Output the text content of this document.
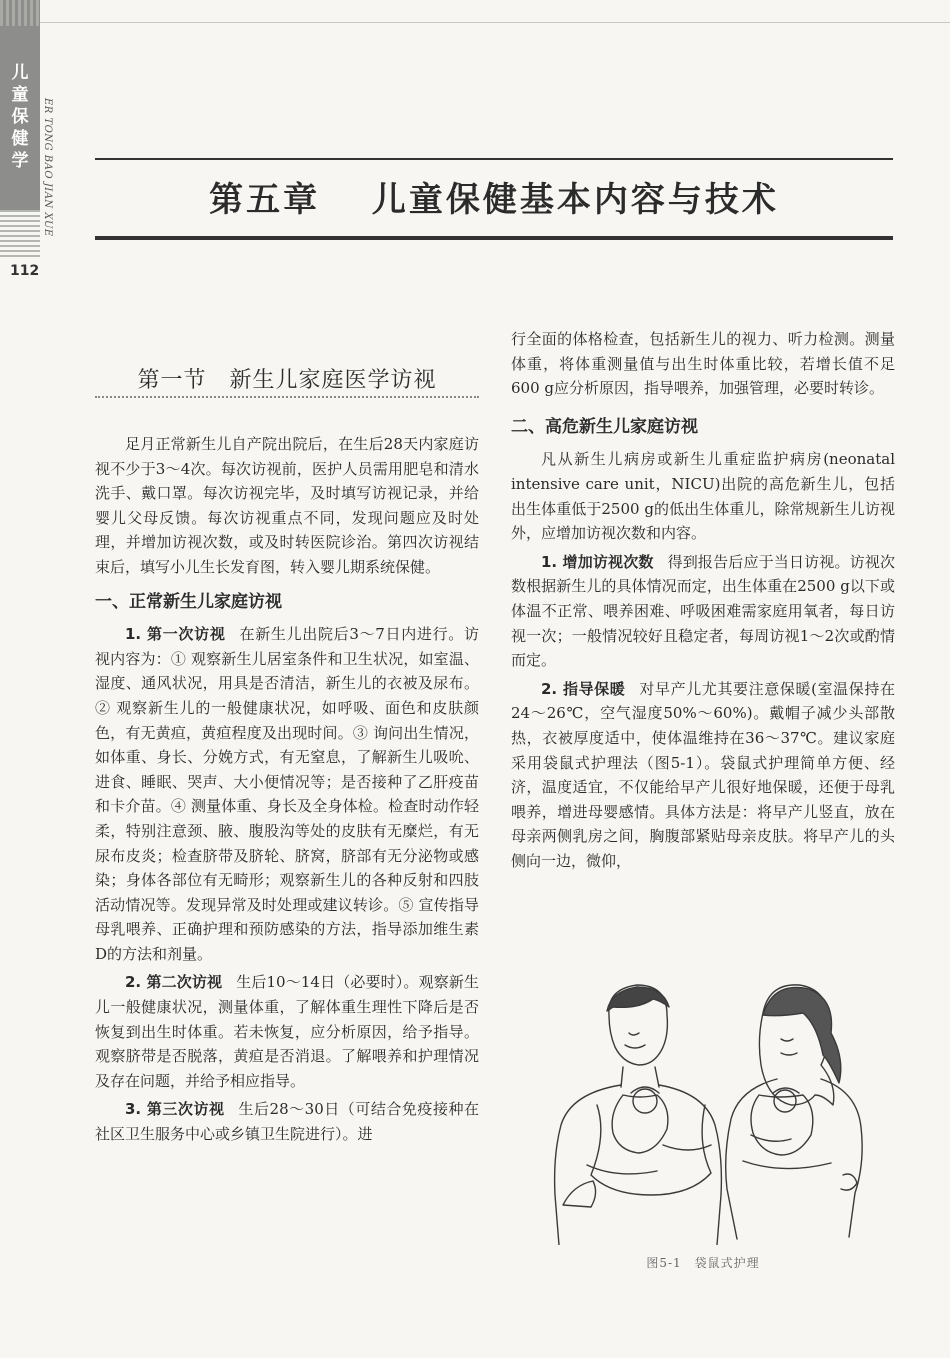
儿
童
保
健
学	ER TONG BAO JIAN XUE
112
第五章　 儿童保健基本内容与技术
第一节　新生儿家庭医学访视

足月正常新生儿自产院出院后，在生后28天内家庭访视不少于3～4次。每次访视前，医护人员需用肥皂和清水洗手、戴口罩。每次访视完毕，及时填写访视记录，并给婴儿父母反馈。每次访视重点不同，发现问题应及时处理，并增加访视次数，或及时转医院诊治。第四次访视结束后，填写小儿生长发育图，转入婴儿期系统保健。

一、正常新生儿家庭访视

1. 第一次访视 在新生儿出院后3～7日内进行。访视内容为：① 观察新生儿居室条件和卫生状况，如室温、湿度、通风状况，用具是否清洁，新生儿的衣被及尿布。② 观察新生儿的一般健康状况，如呼吸、面色和皮肤颜色，有无黄疸，黄疸程度及出现时间。③ 询问出生情况，如体重、身长、分娩方式，有无窒息，了解新生儿吸吮、进食、睡眠、哭声、大小便情况等；是否接种了乙肝疫苗和卡介苗。④ 测量体重、身长及全身体检。检查时动作轻柔，特别注意颈、腋、腹股沟等处的皮肤有无糜烂，有无尿布皮炎；检查脐带及脐轮、脐窝，脐部有无分泌物或感染；身体各部位有无畸形；观察新生儿的各种反射和四肢活动情况等。发现异常及时处理或建议转诊。⑤ 宣传指导母乳喂养、正确护理和预防感染的方法，指导添加维生素D的方法和剂量。

2. 第二次访视 生后10～14日（必要时）。观察新生儿一般健康状况，测量体重，了解体重生理性下降后是否恢复到出生时体重。若未恢复，应分析原因，给予指导。观察脐带是否脱落，黄疸是否消退。了解喂养和护理情况及存在问题，并给予相应指导。

3. 第三次访视 生后28～30日（可结合免疫接种在社区卫生服务中心或乡镇卫生院进行）。进

行全面的体格检查，包括新生儿的视力、听力检测。测量体重，将体重测量值与出生时体重比较，若增长值不足600 g应分析原因，指导喂养，加强管理，必要时转诊。

二、高危新生儿家庭访视

凡从新生儿病房或新生儿重症监护病房(neonatal intensive care unit，NICU)出院的高危新生儿，包括出生体重低于2500 g的低出生体重儿，除常规新生儿访视外，应增加访视次数和内容。

1. 增加访视次数 得到报告后应于当日访视。访视次数根据新生儿的具体情况而定，出生体重在2500 g以下或体温不正常、喂养困难、呼吸困难需家庭用氧者，每日访视一次；一般情况较好且稳定者，每周访视1～2次或酌情而定。

2. 指导保暖 对早产儿尤其要注意保暖(室温保持在24～26℃，空气湿度50%～60%)。戴帽子减少头部散热，衣被厚度适中，使体温维持在36～37℃。建议家庭采用袋鼠式护理法（图5-1）。袋鼠式护理简单方便、经济，温度适宜，不仅能给早产儿很好地保暖，还便于母乳喂养，增进母婴感情。具体方法是：将早产儿竖直，放在母亲两侧乳房之间，胸腹部紧贴母亲皮肤。将早产儿的头侧向一边，微仰，

图5-1　袋鼠式护理
